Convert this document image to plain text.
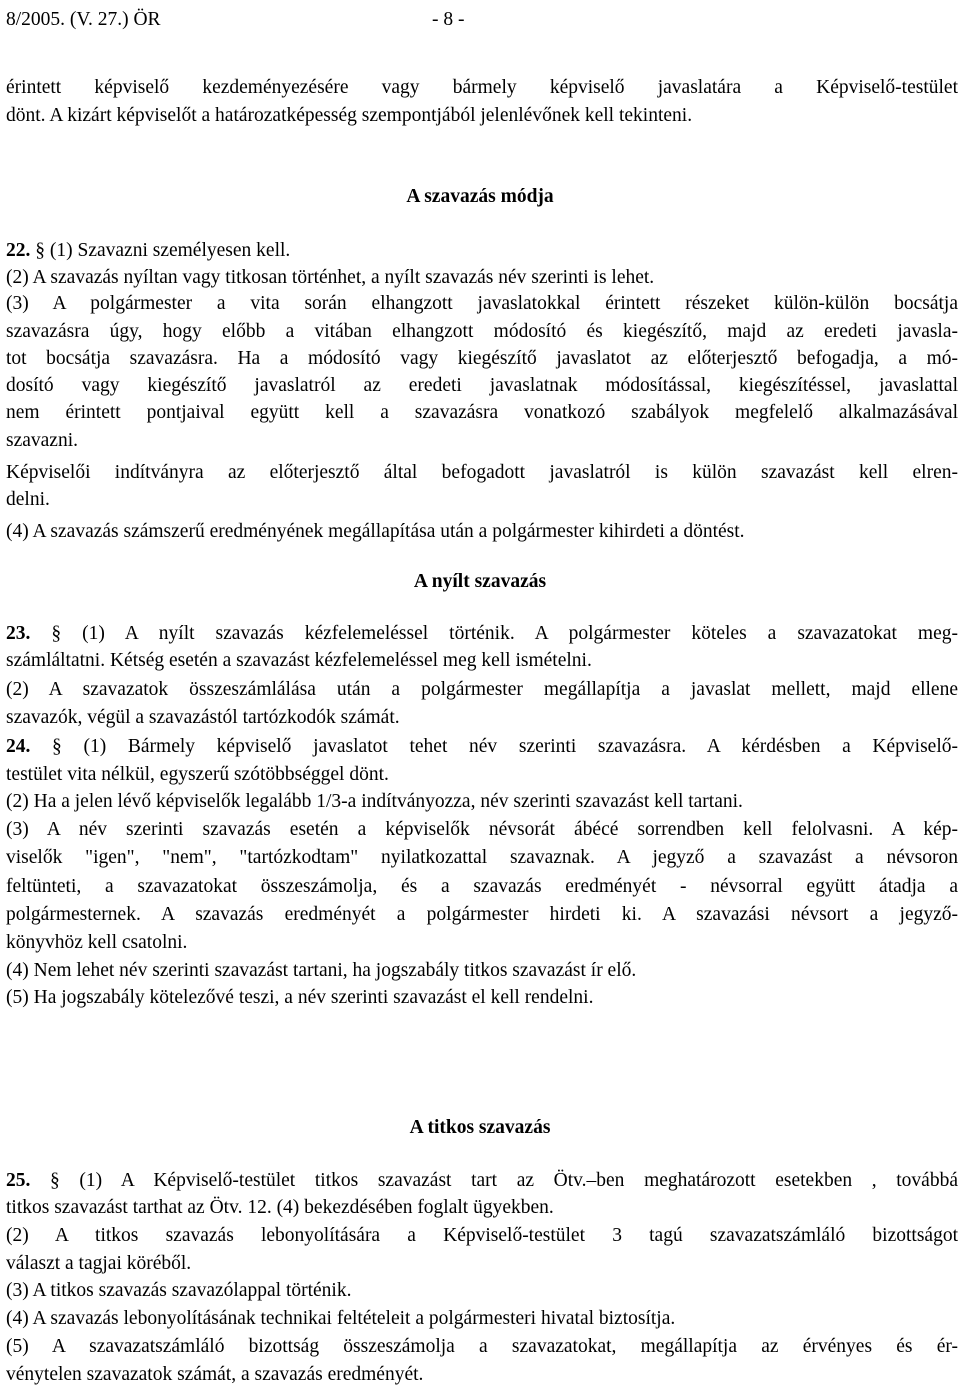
8/2005. (V. 27.) ÖR	- 8 -
érintett képviselő kezdeményezésére vagy bármely képviselő javaslatára a Képviselő-testület
dönt. A kizárt képviselőt a határozatképesség szempontjából jelenlévőnek kell tekinteni.
A szavazás módja
22. § (1) Szavazni személyesen kell.
(2) A szavazás nyíltan vagy titkosan történhet, a nyílt szavazás név szerinti is lehet.
(3) A polgármester a vita során elhangzott javaslatokkal érintett részeket külön-külön bocsátja
szavazásra úgy, hogy előbb a vitában elhangzott módosító és kiegészítő, majd az eredeti javasla-
tot bocsátja szavazásra. Ha a módosító vagy kiegészítő javaslatot az előterjesztő befogadja, a mó-
dosító vagy kiegészítő javaslatról az eredeti javaslatnak módosítással, kiegészítéssel, javaslattal
nem érintett pontjaival együtt kell a szavazásra vonatkozó szabályok megfelelő alkalmazásával
szavazni.
Képviselői indítványra az előterjesztő által befogadott javaslatról is külön szavazást kell elren-
delni.
(4) A szavazás számszerű eredményének megállapítása után a polgármester kihirdeti a döntést.
A nyílt szavazás
23. § (1) A nyílt szavazás kézfelemeléssel történik. A polgármester köteles a szavazatokat meg-
számláltatni. Kétség esetén a szavazást kézfelemeléssel meg kell ismételni.
(2) A szavazatok összeszámlálása után a polgármester megállapítja a javaslat mellett, majd ellene
szavazók, végül a szavazástól tartózkodók számát.
24. § (1) Bármely képviselő javaslatot tehet név szerinti szavazásra. A kérdésben a Képviselő-
testület vita nélkül, egyszerű szótöbbséggel dönt.
(2) Ha a jelen lévő képviselők legalább 1/3-a indítványozza, név szerinti szavazást kell tartani.
(3) A név szerinti szavazás esetén a képviselők névsorát ábécé sorrendben kell felolvasni. A kép-
viselők "igen", "nem", "tartózkodtam" nyilatkozattal szavaznak. A jegyző a szavazást a névsoron
feltünteti, a szavazatokat összeszámolja, és a szavazás eredményét - névsorral együtt átadja a
polgármesternek. A szavazás eredményét a polgármester hirdeti ki. A szavazási névsort a jegyző-
könyvhöz kell csatolni.
(4) Nem lehet név szerinti szavazást tartani, ha jogszabály titkos szavazást ír elő.
(5) Ha jogszabály kötelezővé teszi, a név szerinti szavazást el kell rendelni.
A titkos szavazás
25. § (1) A Képviselő-testület titkos szavazást tart az Ötv.–ben meghatározott esetekben , továbbá
titkos szavazást tarthat az Ötv. 12. (4) bekezdésében foglalt ügyekben.
(2) A titkos szavazás lebonyolítására a Képviselő-testület 3 tagú szavazatszámláló bizottságot
választ a tagjai köréből.
(3) A titkos szavazás szavazólappal történik.
(4) A szavazás lebonyolításának technikai feltételeit a polgármesteri hivatal biztosítja.
(5) A szavazatszámláló bizottság összeszámolja a szavazatokat, megállapítja az érvényes és ér-
vénytelen szavazatok számát, a szavazás eredményét.
